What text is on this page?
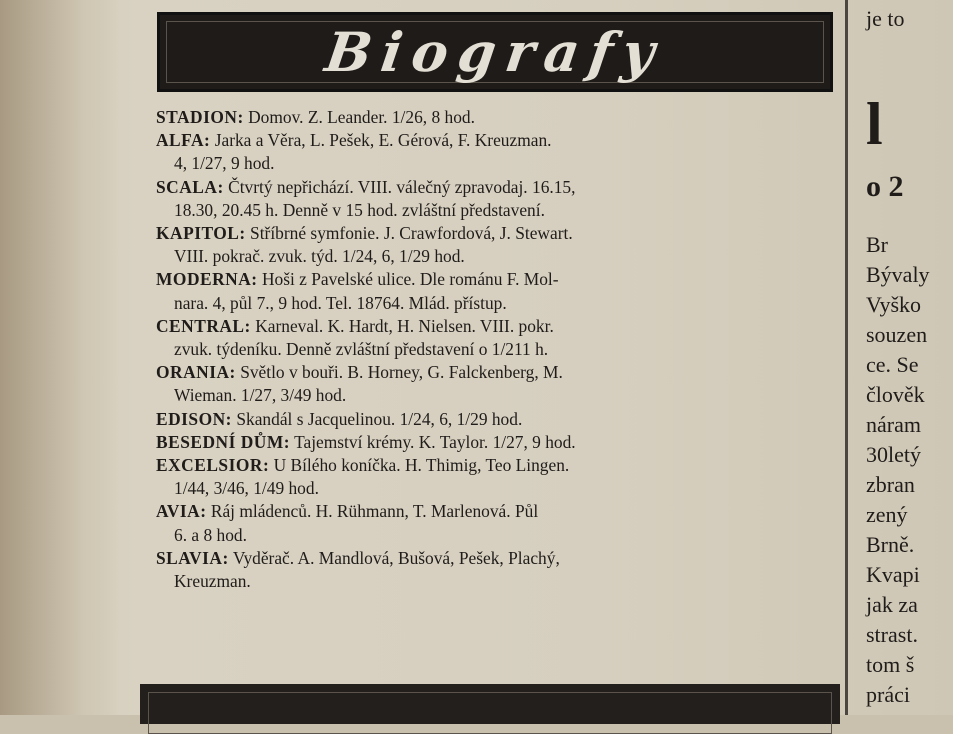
Biografy
STADION: Domov. Z. Leander. 1/26, 8 hod.
ALFA: Jarka a Věra, L. Pešek, E. Gérová, F. Kreuzman.
4, 1/27, 9 hod.
SCALA: Čtvrtý nepřichází. VIII. válečný zpravodaj. 16.15,
18.30, 20.45 h. Denně v 15 hod. zvláštní představení.
KAPITOL: Stříbrné symfonie. J. Crawfordová, J. Stewart.
VIII. pokrač. zvuk. týd. 1/24, 6, 1/29 hod.
MODERNA: Hoši z Pavelské ulice. Dle románu F. Mol-
nara. 4, půl 7., 9 hod. Tel. 18764. Mlád. přístup.
CENTRAL: Karneval. K. Hardt, H. Nielsen. VIII. pokr.
zvuk. týdeníku. Denně zvláštní představení o 1/211 h.
ORANIA: Světlo v bouři. B. Horney, G. Falckenberg, M.
Wieman. 1/27, 3/49 hod.
EDISON: Skandál s Jacquelinou. 1/24, 6, 1/29 hod.
BESEDNÍ DŮM: Tajemství krémy. K. Taylor. 1/27, 9 hod.
EXCELSIOR: U Bílého koníčka. H. Thimig, Teo Lingen.
1/44, 3/46, 1/49 hod.
AVIA: Ráj mládenců. H. Rühmann, T. Marlenová. Půl
6. a 8 hod.
SLAVIA: Vyděrač. A. Mandlová, Bušová, Pešek, Plachý,
Kreuzman.
je to
l
o 2
Br
Bývaly
Vyško
souzen
ce. Se
člověk
náram
30letý
zbran
zený
Brně.
Kvapi
jak za
strast.
tom š
práci
